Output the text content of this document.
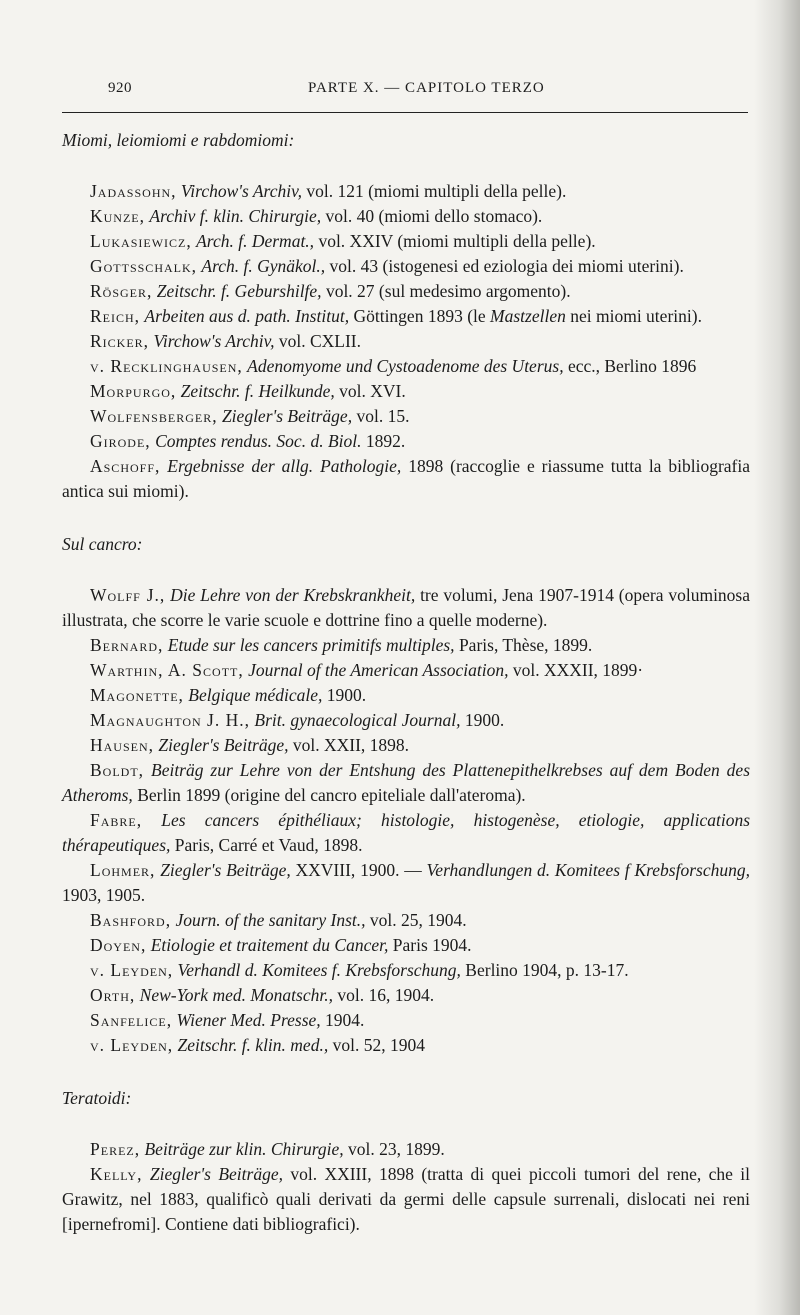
920	PARTE X. — CAPITOLO TERZO

Miomi, leiomiomi e rabdomiomi:

Jadassohn, Virchow's Archiv, vol. 121 (miomi multipli della pelle).

Kunze, Archiv f. klin. Chirurgie, vol. 40 (miomi dello stomaco).

Lukasiewicz, Arch. f. Dermat., vol. XXIV (miomi multipli della pelle).

Gottsschalk, Arch. f. Gynäkol., vol. 43 (istogenesi ed eziologia dei miomi uterini).

Rösger, Zeitschr. f. Geburshilfe, vol. 27 (sul medesimo argomento).

Reich, Arbeiten aus d. path. Institut, Göttingen 1893 (le Mastzellen nei miomi uterini).

Ricker, Virchow's Archiv, vol. CXLII.

v. Recklinghausen, Adenomyome und Cystoadenome des Uterus, ecc., Berlino 1896

Morpurgo, Zeitschr. f. Heilkunde, vol. XVI.

Wolfensberger, Ziegler's Beiträge, vol. 15.

Girode, Comptes rendus. Soc. d. Biol. 1892.

Aschoff, Ergebnisse der allg. Pathologie, 1898 (raccoglie e riassume tutta la bibliografia antica sui miomi).

Sul cancro:

Wolff J., Die Lehre von der Krebskrankheit, tre volumi, Jena 1907-1914 (opera voluminosa illustrata, che scorre le varie scuole e dottrine fino a quelle moderne).

Bernard, Etude sur les cancers primitifs multiples, Paris, Thèse, 1899.

Warthin, A. Scott, Journal of the American Association, vol. XXXII, 1899·

Magonette, Belgique médicale, 1900.

Magnaughton J. H., Brit. gynaecological Journal, 1900.

Hausen, Ziegler's Beiträge, vol. XXII, 1898.

Boldt, Beiträg zur Lehre von der Entshung des Plattenepithelkrebses auf dem Boden des Atheroms, Berlin 1899 (origine del cancro epiteliale dall'ateroma).

Fabre, Les cancers épithéliaux; histologie, histogenèse, etiologie, applications thérapeutiques, Paris, Carré et Vaud, 1898.

Lohmer, Ziegler's Beiträge, XXVIII, 1900. — Verhandlungen d. Komitees f Krebsforschung, 1903, 1905.

Bashford, Journ. of the sanitary Inst., vol. 25, 1904.

Doyen, Etiologie et traitement du Cancer, Paris 1904.

v. Leyden, Verhandl d. Komitees f. Krebsforschung, Berlino 1904, p. 13-17.

Orth, New-York med. Monatschr., vol. 16, 1904.

Sanfelice, Wiener Med. Presse, 1904.

v. Leyden, Zeitschr. f. klin. med., vol. 52, 1904

Teratoidi:

Perez, Beiträge zur klin. Chirurgie, vol. 23, 1899.

Kelly, Ziegler's Beiträge, vol. XXIII, 1898 (tratta di quei piccoli tumori del rene, che il Grawitz, nel 1883, qualificò quali derivati da germi delle capsule surrenali, dislocati nei reni [ipernefromi]. Contiene dati bibliografici).
